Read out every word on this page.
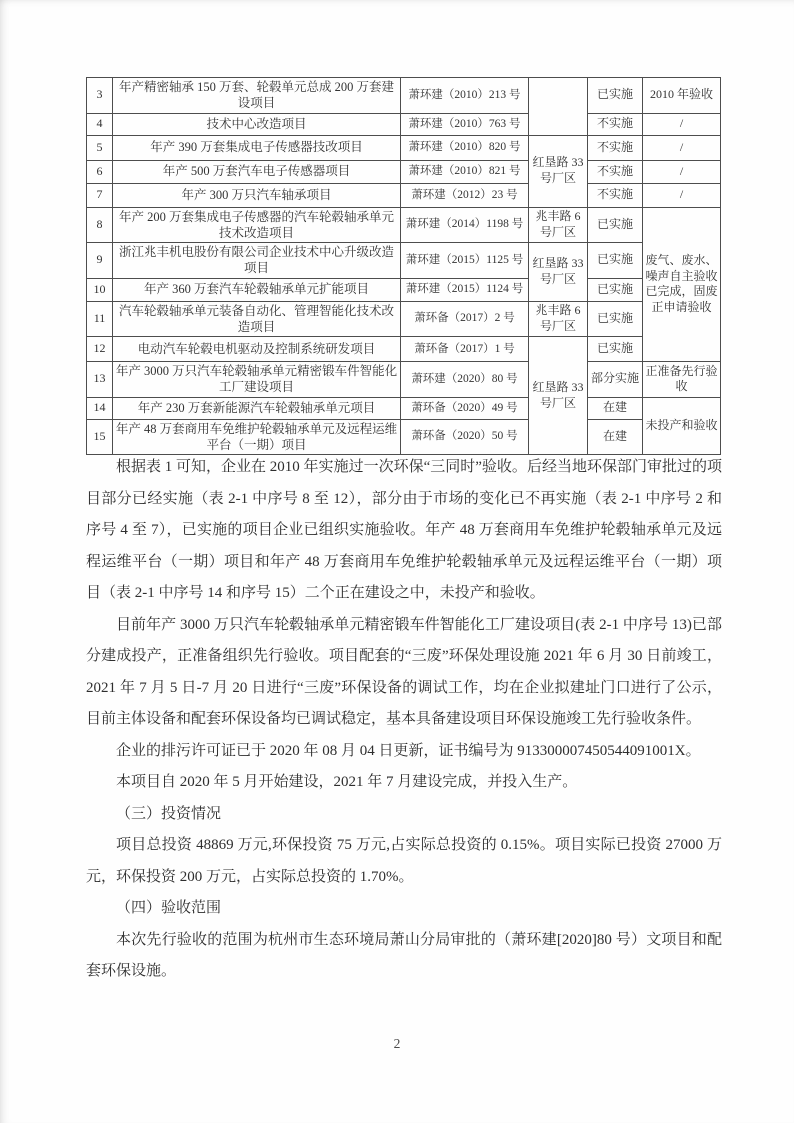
3	年产精密轴承 150 万套、轮毂单元总成 200 万套建设项目	萧环建（2010）213 号		已实施	2010 年验收
4	技术中心改造项目	萧环建（2010）763 号		不实施	/
5	年产 390 万套集成电子传感器技改项目	萧环建（2010）820 号	红垦路 33 号厂区	不实施	/
6	年产 500 万套汽车电子传感器项目	萧环建（2010）821 号		不实施	/
7	年产 300 万只汽车轴承项目	萧环建（2012）23 号		不实施	/
8	年产 200 万套集成电子传感器的汽车轮毂轴承单元技术改造项目	萧环建（2014）1198 号	兆丰路 6 号厂区	已实施	废气、废水、噪声自主验收已完成，固废正申请验收
9	浙江兆丰机电股份有限公司企业技术中心升级改造项目	萧环建（2015）1125 号	红垦路 33 号厂区	已实施	
10	年产 360 万套汽车轮毂轴承单元扩能项目	萧环建（2015）1124 号		已实施	
11	汽车轮毂轴承单元装备自动化、管理智能化技术改造项目	萧环备（2017）2 号	兆丰路 6 号厂区	已实施	
12	电动汽车轮毂电机驱动及控制系统研发项目	萧环备（2017）1 号	红垦路 33 号厂区	已实施	
13	年产 3000 万只汽车轮毂轴承单元精密锻车件智能化工厂建设项目	萧环建（2020）80 号		部分实施	正准备先行验收
14	年产 230 万套新能源汽车轮毂轴承单元项目	萧环备（2020）49 号		在建	未投产和验收
15	年产 48 万套商用车免维护轮毂轴承单元及远程运维平台（一期）项目	萧环备（2020）50 号		在建	

根据表 1 可知，企业在 2010 年实施过一次环保“三同时”验收。后经当地环保部门审批过的项目部分已经实施（表 2-1 中序号 8 至 12），部分由于市场的变化已不再实施（表 2-1 中序号 2 和序号 4 至 7），已实施的项目企业已组织实施验收。年产 48 万套商用车免维护轮毂轴承单元及远程运维平台（一期）项目和年产 48 万套商用车免维护轮毂轴承单元及远程运维平台（一期）项目（表 2-1 中序号 14 和序号 15）二个正在建设之中，未投产和验收。

目前年产 3000 万只汽车轮毂轴承单元精密锻车件智能化工厂建设项目(表 2-1 中序号 13)已部分建成投产，正准备组织先行验收。项目配套的“三废”环保处理设施 2021 年 6 月 30 日前竣工，2021 年 7 月 5 日-7 月 20 日进行“三废”环保设备的调试工作，均在企业拟建址门口进行了公示，目前主体设备和配套环保设备均已调试稳定，基本具备建设项目环保设施竣工先行验收条件。

企业的排污许可证已于 2020 年 08 月 04 日更新，证书编号为 913300007450544091001X。

本项目自 2020 年 5 月开始建设，2021 年 7 月建设完成，并投入生产。

（三）投资情况

项目总投资 48869 万元,环保投资 75 万元,占实际总投资的 0.15%。项目实际已投资 27000 万元，环保投资 200 万元，占实际总投资的 1.70%。

（四）验收范围

本次先行验收的范围为杭州市生态环境局萧山分局审批的（萧环建[2020]80 号）文项目和配套环保设施。

2
